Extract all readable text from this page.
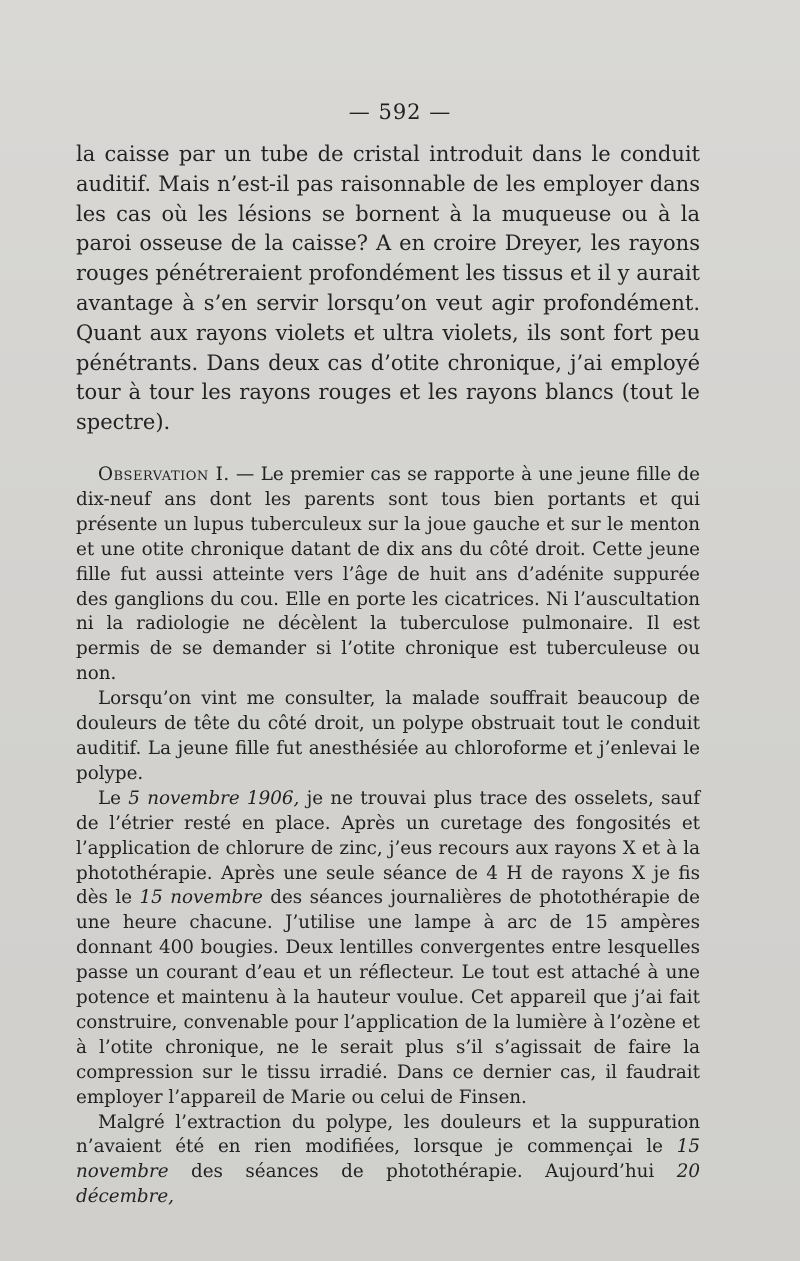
— 592 —

la caisse par un tube de cristal introduit dans le conduit auditif. Mais n’est-il pas raisonnable de les employer dans les cas où les lésions se bornent à la muqueuse ou à la paroi osseuse de la caisse? A en croire Dreyer, les rayons rouges pénétreraient profondément les tissus et il y aurait avantage à s’en servir lorsqu’on veut agir profondément. Quant aux rayons violets et ultra violets, ils sont fort peu pénétrants. Dans deux cas d’otite chronique, j’ai employé tour à tour les rayons rouges et les rayons blancs (tout le spectre).

Observation I. — Le premier cas se rapporte à une jeune fille de dix-neuf ans dont les parents sont tous bien portants et qui présente un lupus tuberculeux sur la joue gauche et sur le menton et une otite chronique datant de dix ans du côté droit. Cette jeune fille fut aussi atteinte vers l’âge de huit ans d’adénite suppurée des ganglions du cou. Elle en porte les cicatrices. Ni l’auscultation ni la radiologie ne décèlent la tuberculose pulmonaire. Il est permis de se demander si l’otite chronique est tuberculeuse ou non.

Lorsqu’on vint me consulter, la malade souffrait beaucoup de douleurs de tête du côté droit, un polype obstruait tout le conduit auditif. La jeune fille fut anesthésiée au chloroforme et j’enlevai le polype.

Le 5 novembre 1906, je ne trouvai plus trace des osselets, sauf de l’étrier resté en place. Après un curetage des fongosités et l’application de chlorure de zinc, j’eus recours aux rayons X et à la photothérapie. Après une seule séance de 4 H de rayons X je fis dès le 15 novembre des séances journalières de photothérapie de une heure chacune. J’utilise une lampe à arc de 15 ampères donnant 400 bougies. Deux lentilles convergentes entre lesquelles passe un courant d’eau et un réflecteur. Le tout est attaché à une potence et maintenu à la hauteur voulue. Cet appareil que j’ai fait construire, convenable pour l’application de la lumière à l’ozène et à l’otite chronique, ne le serait plus s’il s’agissait de faire la compression sur le tissu irradié. Dans ce dernier cas, il faudrait employer l’appareil de Marie ou celui de Finsen.

Malgré l’extraction du polype, les douleurs et la suppuration n’avaient été en rien modifiées, lorsque je commençai le 15 novembre des séances de photothérapie. Aujourd’hui 20 décembre,
